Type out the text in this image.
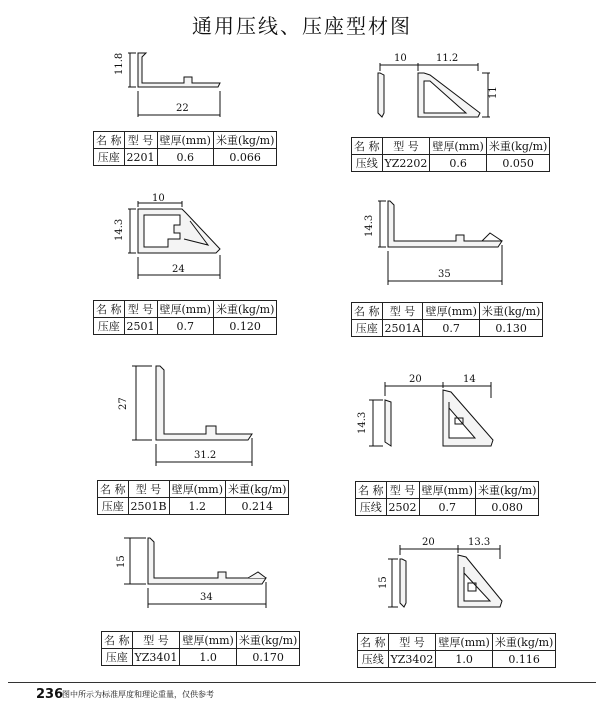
通用压线、压座型材图
11.8
22
名 称	型 号	壁厚(mm)	米重(kg/m)
压座	2201	0.6	0.066
10	11.2
11
名 称	型 号	壁厚(mm)	米重(kg/m)
压线	YZ2202	0.6	0.050
14.3
10
24
名 称	型 号	壁厚(mm)	米重(kg/m)
压座	2501	0.7	0.120
14.3
35
名 称	型 号	壁厚(mm)	米重(kg/m)
压座	2501A	0.7	0.130
27
31.2
名 称	型 号	壁厚(mm)	米重(kg/m)
压座	2501B	1.2	0.214
20	14
14.3
名 称	型 号	壁厚(mm)	米重(kg/m)
压线	2502	0.7	0.080
15
34
名 称	型 号	壁厚(mm)	米重(kg/m)
压座	YZ3401	1.0	0.170
20	13.3
15
名 称	型 号	壁厚(mm)	米重(kg/m)
压线	YZ3402	1.0	0.116
236
图中所示为标准厚度和理论重量，仅供参考
